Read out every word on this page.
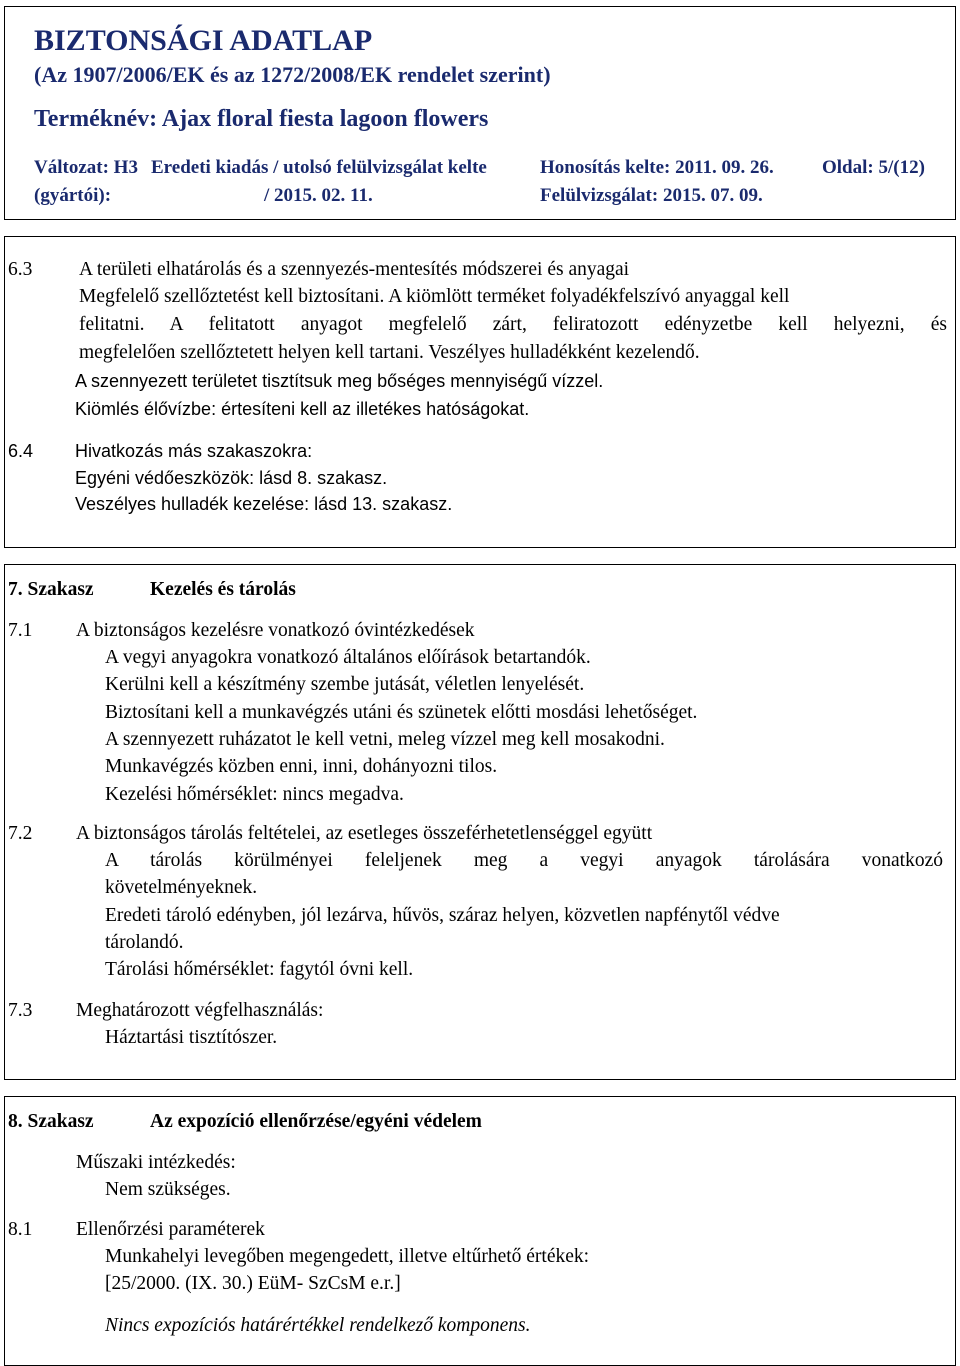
BIZTONSÁGI ADATLAP
(Az 1907/2006/EK és az 1272/2008/EK rendelet szerint)
Terméknév: Ajax floral fiesta lagoon flowers
Változat: H3
(gyártói):
Eredeti kiadás / utolsó felülvizsgálat kelte
/ 2015. 02. 11.
Honosítás kelte: 2011. 09. 26.
Felülvizsgálat: 2015. 07. 09.
Oldal: 5/(12)
6.3 A területi elhatárolás és a szennyezés-mentesítés módszerei és anyagai
Megfelelő szellőztetést kell biztosítani. A kiömlött terméket folyadékfelszívó anyaggal kell
felitatni. A felitatott anyagot megfelelő zárt, feliratozott edényzetbe kell helyezni, és
megfelelően szellőztetett helyen kell tartani. Veszélyes hulladékként kezelendő.
A szennyezett területet tisztítsuk meg bőséges mennyiségű vízzel.
Kiömlés élővízbe: értesíteni kell az illetékes hatóságokat.
6.4 Hivatkozás más szakaszokra:
Egyéni védőeszközök: lásd 8. szakasz.
Veszélyes hulladék kezelése: lásd 13. szakasz.
7. Szakasz	Kezelés és tárolás
7.1 A biztonságos kezelésre vonatkozó óvintézkedések
A vegyi anyagokra vonatkozó általános előírások betartandók.
Kerülni kell a készítmény szembe jutását, véletlen lenyelését.
Biztosítani kell a munkavégzés utáni és szünetek előtti mosdási lehetőséget.
A szennyezett ruházatot le kell vetni, meleg vízzel meg kell mosakodni.
Munkavégzés közben enni, inni, dohányozni tilos.
Kezelési hőmérséklet: nincs megadva.
7.2 A biztonságos tárolás feltételei, az esetleges összeférhetetlenséggel együtt
A tárolás körülményei feleljenek meg a vegyi anyagok tárolására vonatkozó
követelményeknek.
Eredeti tároló edényben, jól lezárva, hűvös, száraz helyen, közvetlen napfénytől védve
tárolandó.
Tárolási hőmérséklet: fagytól óvni kell.
7.3 Meghatározott végfelhasználás:
Háztartási tisztítószer.
8. Szakasz	Az expozíció ellenőrzése/egyéni védelem
Műszaki intézkedés:
Nem szükséges.
8.1 Ellenőrzési paraméterek
Munkahelyi levegőben megengedett, illetve eltűrhető értékek:
[25/2000. (IX. 30.) EüM- SzCsM e.r.]
Nincs expozíciós határértékkel rendelkező komponens.
